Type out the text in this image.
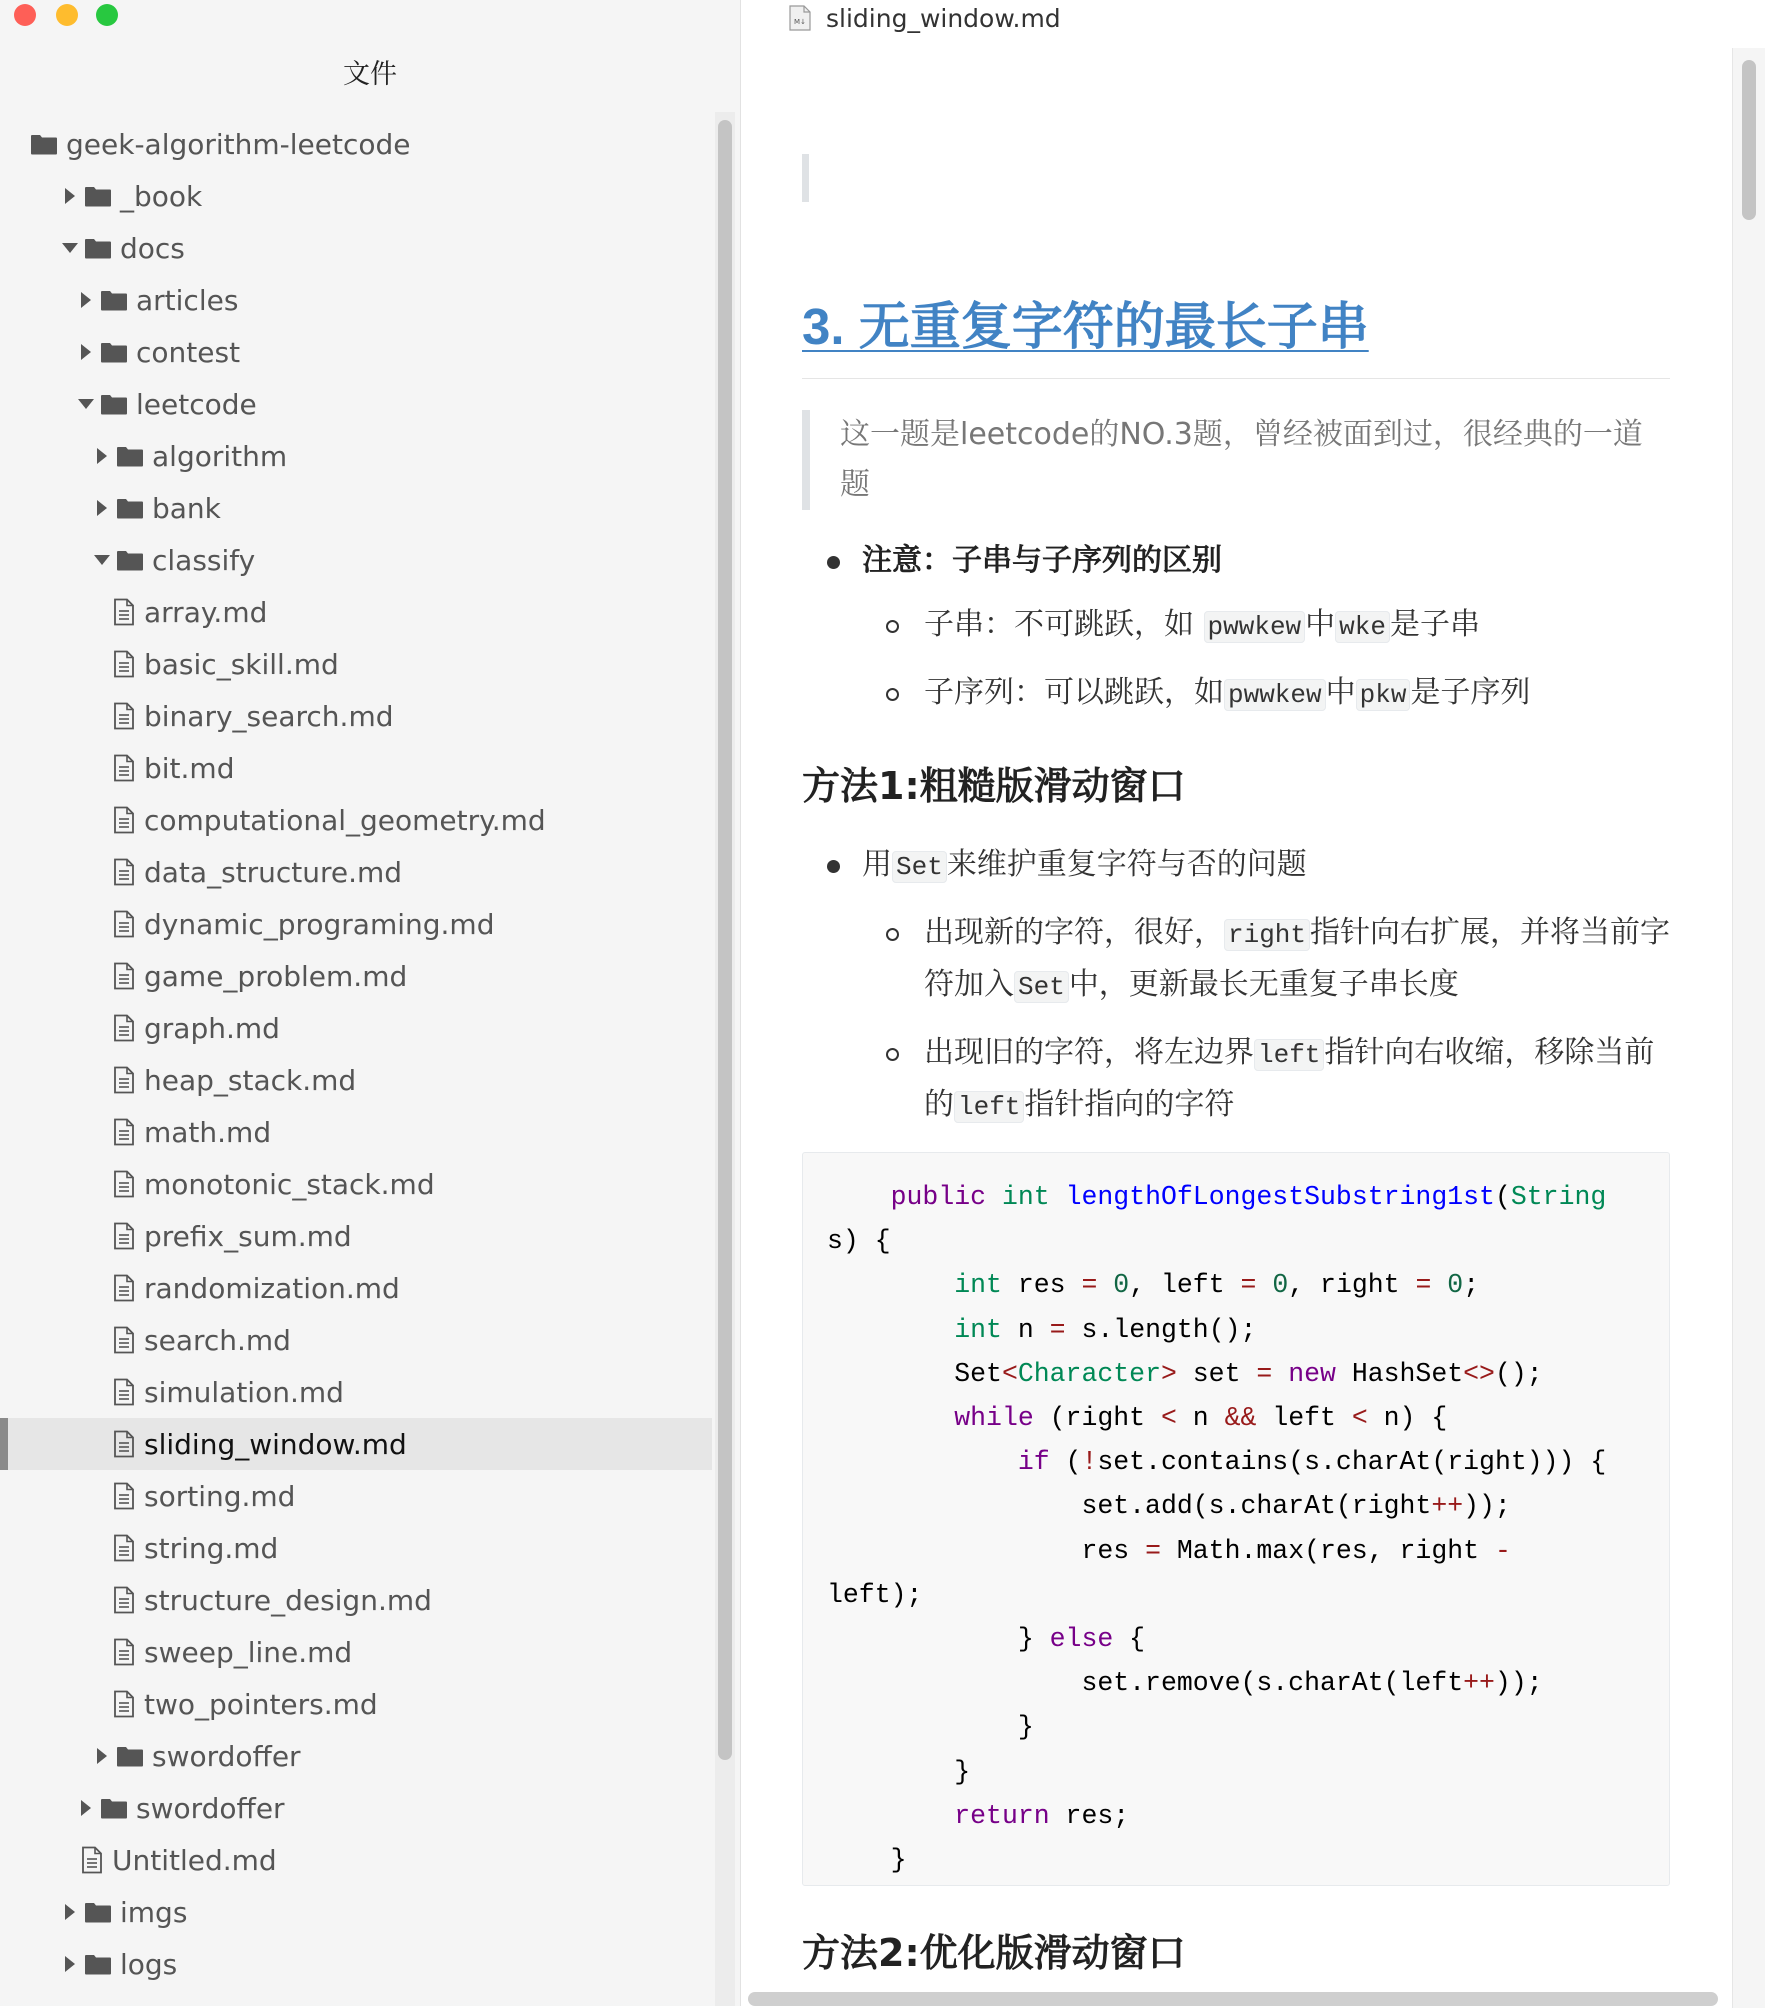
文件
geek-algorithm-leetcode
_book
docs
articles
contest
leetcode
algorithm
bank
classify
array.md
basic_skill.md
binary_search.md
bit.md
computational_geometry.md
data_structure.md
dynamic_programing.md
game_problem.md
graph.md
heap_stack.md
math.md
monotonic_stack.md
prefix_sum.md
randomization.md
search.md
simulation.md
sliding_window.md
sorting.md
string.md
structure_design.md
sweep_line.md
two_pointers.md
swordoffer
swordoffer
Untitled.md
imgs
logs
M↓ sliding_window.md
3. 无重复字符的最长子串
这一题是leetcode的NO.3题，曾经被面到过，很经典的一道题
注意：子串与子序列的区别
子串：不可跳跃，如 pwwkew 中 wke 是子串
子序列：可以跳跃，如 pwwkew 中 pkw 是子序列
方法1:粗糙版滑动窗口
用 Set 来维护重复字符与否的问题
出现新的字符，很好， right 指针向右扩展，并将当前字符加入 Set 中，更新最长无重复子串长度
出现旧的字符，将左边界 left 指针向右收缩，移除当前的 left 指针指向的字符
public int lengthOfLongestSubstring1st(String
s) {
int res = 0, left = 0, right = 0;
int n = s.length();
Set<Character> set = new HashSet<>();
while (right < n && left < n) {
if (!set.contains(s.charAt(right))) {
set.add(s.charAt(right++));
res = Math.max(res, right -
left);
} else {
set.remove(s.charAt(left++));
}
}
return res;
}
方法2:优化版滑动窗口
